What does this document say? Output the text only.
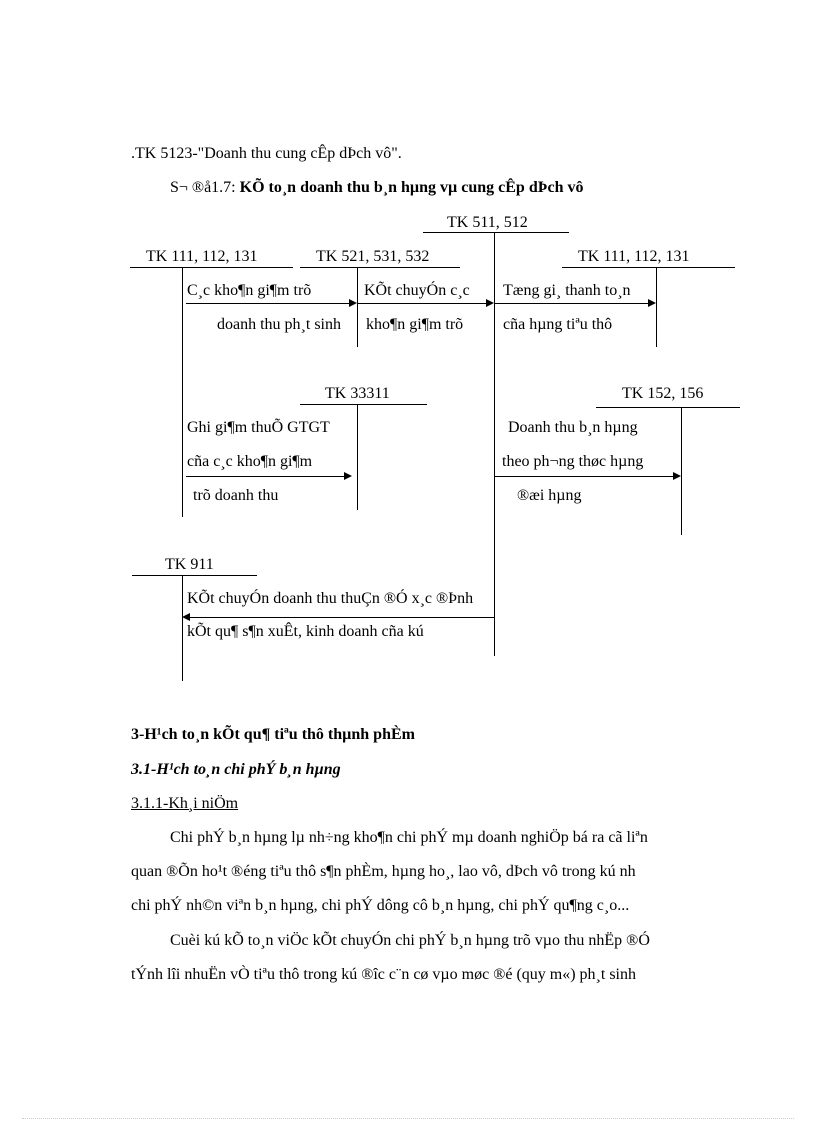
.TK 5123-"Doanh thu cung cÊp dÞch vô".
S¬ ®å1.7: KÕ to¸n doanh thu b¸n hµng vµ cung cÊp dÞch vô
TK 511, 512
TK 111, 112, 131	TK 521, 531, 532	TK 111, 112, 131
C¸c kho¶n gi¶m trõ
doanh thu ph¸t sinh
KÕt chuyÓn c¸c
kho¶n gi¶m trõ
Tæng gi¸ thanh to¸n
cña hµng tiªu thô
TK 33311	TK 152, 156
Ghi gi¶m thuÕ GTGT
cña c¸c kho¶n gi¶m
trõ doanh thu
Doanh thu b¸n hµng
theo ph¬ng thøc hµng
®æi hµng
TK 911
KÕt chuyÓn doanh thu thuÇn ®Ó x¸c ®Þnh
kÕt qu¶ s¶n xuÊt, kinh doanh cña kú
3-H¹ch to¸n kÕt qu¶ tiªu thô thµnh phÈm
3.1-H¹ch to¸n chi phÝ b¸n hµng
3.1.1-Kh¸i niÖm
Chi phÝ b¸n hµng lµ nh÷ng kho¶n chi phÝ mµ doanh nghiÖp bá ra cã liªn
quan ®Õn ho¹t ®éng tiªu thô s¶n phÈm, hµng ho¸, lao vô, dÞch vô trong kú nh
chi phÝ nh©n viªn b¸n hµng, chi phÝ dông cô b¸n hµng, chi phÝ qu¶ng c¸o...
Cuèi kú kÕ to¸n viÖc kÕt chuyÓn chi phÝ b¸n hµng trõ vµo thu nhËp ®Ó
tÝnh lîi nhuËn vÒ tiªu thô trong kú ®îc c¨n cø vµo møc ®é (quy m«) ph¸t sinh
